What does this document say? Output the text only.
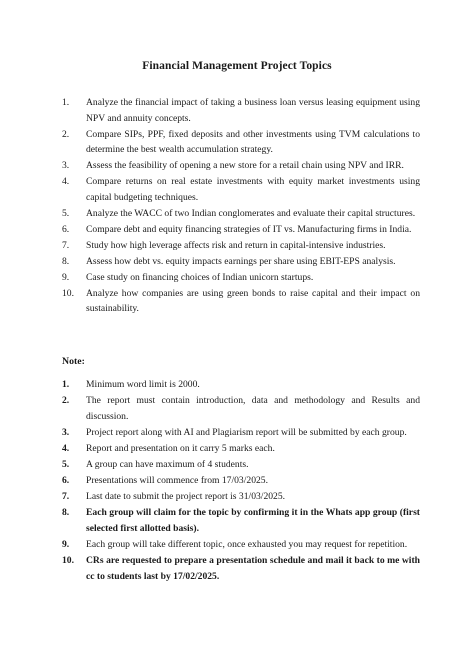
Financial Management Project Topics
1. Analyze the financial impact of taking a business loan versus leasing equipment using NPV and annuity concepts.
2. Compare SIPs, PPF, fixed deposits and other investments using TVM calculations to determine the best wealth accumulation strategy.
3. Assess the feasibility of opening a new store for a retail chain using NPV and IRR.
4. Compare returns on real estate investments with equity market investments using capital budgeting techniques.
5. Analyze the WACC of two Indian conglomerates and evaluate their capital structures.
6. Compare debt and equity financing strategies of IT vs. Manufacturing firms in India.
7. Study how high leverage affects risk and return in capital-intensive industries.
8. Assess how debt vs. equity impacts earnings per share using EBIT-EPS analysis.
9. Case study on financing choices of Indian unicorn startups.
10. Analyze how companies are using green bonds to raise capital and their impact on sustainability.
Note:
1. Minimum word limit is 2000.
2. The report must contain introduction, data and methodology and Results and discussion.
3. Project report along with AI and Plagiarism report will be submitted by each group.
4. Report and presentation on it carry 5 marks each.
5. A group can have maximum of 4 students.
6. Presentations will commence from 17/03/2025.
7. Last date to submit the project report is 31/03/2025.
8. Each group will claim for the topic by confirming it in the Whats app group (first selected first allotted basis).
9. Each group will take different topic, once exhausted you may request for repetition.
10. CRs are requested to prepare a presentation schedule and mail it back to me with cc to students last by 17/02/2025.
